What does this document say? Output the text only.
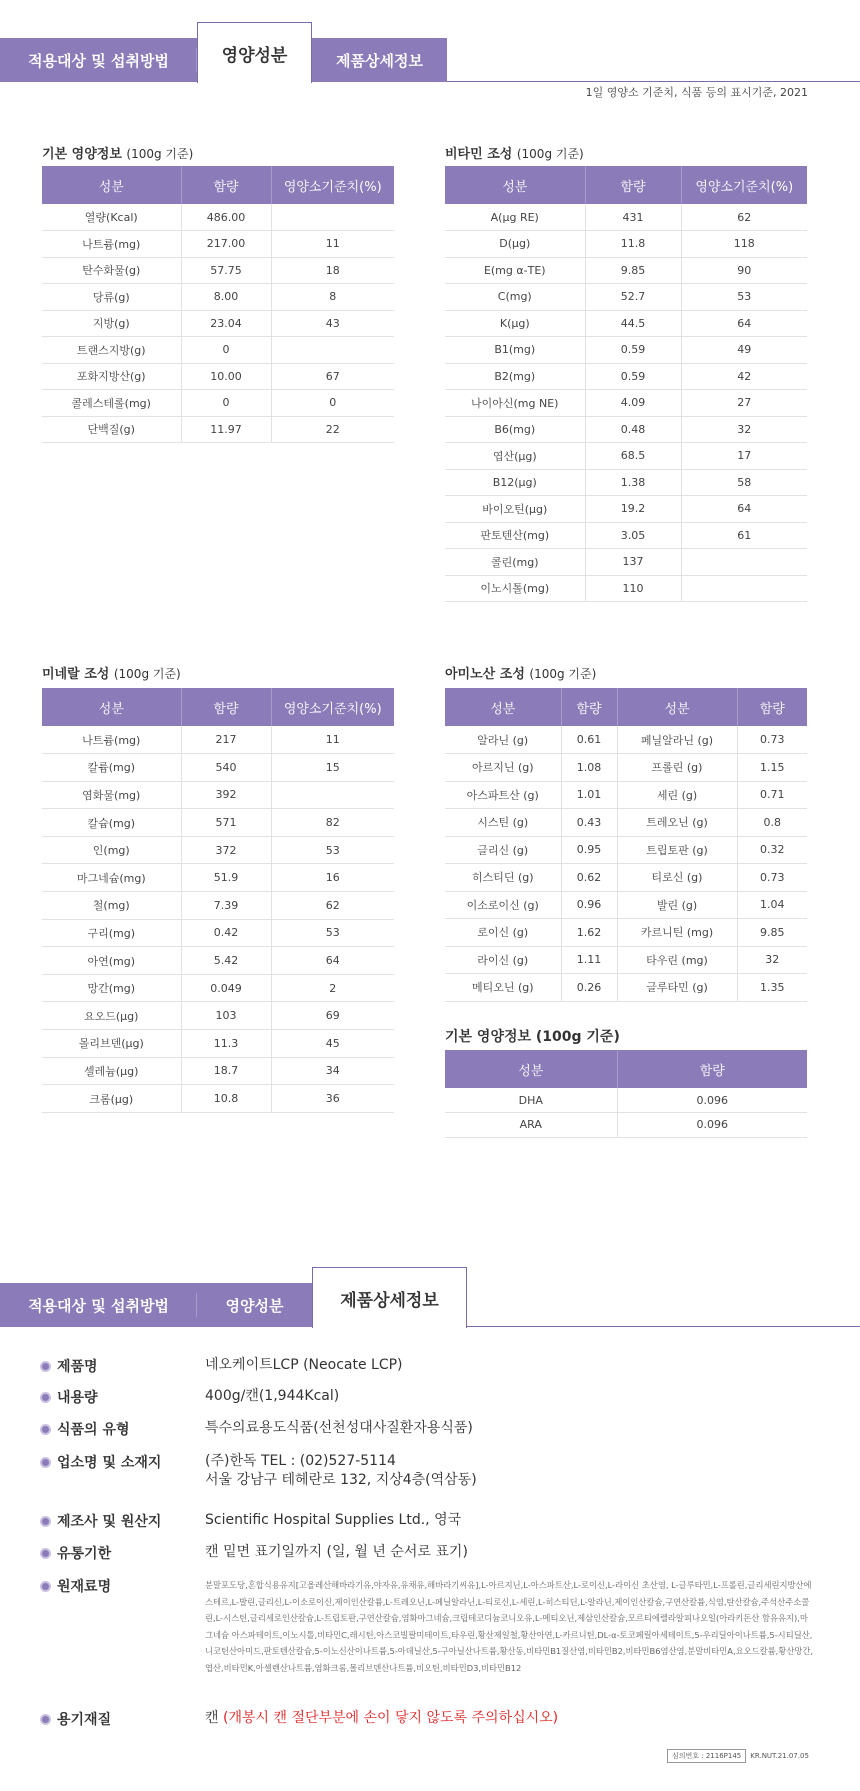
적용대상 및 섭취방법	영양성분	제품상세정보
1일 영양소 기준치, 식품 등의 표시기준, 2021
기본 영양정보 (100g 기준)
성분	함량	영양소기준치(%)
열량(Kcal)	486.00	
나트륨(mg)	217.00	11
탄수화물(g)	57.75	18
당류(g)	8.00	8
지방(g)	23.04	43
트랜스지방(g)	0	
포화지방산(g)	10.00	67
콜레스테롤(mg)	0	0
단백질(g)	11.97	22
비타민 조성 (100g 기준)
성분	함량	영양소기준치(%)
A(μg RE)	431	62
D(μg)	11.8	118
E(mg α-TE)	9.85	90
C(mg)	52.7	53
K(μg)	44.5	64
B1(mg)	0.59	49
B2(mg)	0.59	42
나이아신(mg NE)	4.09	27
B6(mg)	0.48	32
엽산(μg)	68.5	17
B12(μg)	1.38	58
바이오틴(μg)	19.2	64
판토텐산(mg)	3.05	61
콜린(mg)	137	
이노시톨(mg)	110	
미네랄 조성 (100g 기준)
성분	함량	영양소기준치(%)
나트륨(mg)	217	11
칼륨(mg)	540	15
염화물(mg)	392	
칼슘(mg)	571	82
인(mg)	372	53
마그네슘(mg)	51.9	16
철(mg)	7.39	62
구리(mg)	0.42	53
아연(mg)	5.42	64
망간(mg)	0.049	2
요오드(μg)	103	69
몰리브덴(μg)	11.3	45
셀레늄(μg)	18.7	34
크롬(μg)	10.8	36
아미노산 조성 (100g 기준)
성분	함량	성분	함량
알라닌 (g)	0.61	페닐알라닌 (g)	0.73
아르지닌 (g)	1.08	프롤린 (g)	1.15
아스파트산 (g)	1.01	세린 (g)	0.71
시스틴 (g)	0.43	트레오닌 (g)	0.8
글리신 (g)	0.95	트립토판 (g)	0.32
히스티딘 (g)	0.62	티로신 (g)	0.73
이소로이신 (g)	0.96	발린 (g)	1.04
로이신 (g)	1.62	카르니틴 (mg)	9.85
라이신 (g)	1.11	타우린 (mg)	32
메티오닌 (g)	0.26	글루타민 (g)	1.35
기본 영양정보 (100g 기준)
성분	함량
DHA	0.096
ARA	0.096
적용대상 및 섭취방법	영양성분	제품상세정보
제품명	네오케이트LCP (Neocate LCP)
내용량	400g/캔(1,944Kcal)
식품의 유형	특수의료용도식품(선천성대사질환자용식품)
업소명 및 소재지	(주)한독 TEL : (02)527-5114
서울 강남구 테헤란로 132, 지상4층(역삼동)
제조사 및 원산지	Scientific Hospital Supplies Ltd., 영국
유통기한	캔 밑면 표기일까지 (일, 월 년 순서로 표기)
원재료명	분말포도당,혼합식용유지[고올레산해바라기유,야자유,유채유,해바라기씨유],L-아르지닌,L-아스파트산,L-로이신,L-라이신 초산염, L-글루타민,L-프롤린,글리세린지방산에스테르,L-발린,글리신,L-이소로이신,제이인산칼륨,L-트레오닌,L-페닐알라닌,L-티로신,L-세린,L-히스티딘,L-알라닌,제이인산칼슘,구연산칼륨,식염,탄산칼슘,주석산주소콜린,L-시스틴,글리세로인산칼슘,L-트립토판,구연산칼슘,염화마그네슘,크립테코디늄코니오유,L-메티오닌,제삼인산칼슘,모르티에렐라알피나오일(아라키돈산 함유유지),마그네슘 아스파테이트,이노시톨,비타민C,레시틴,아스코빌팔미테이트,타우린,황산제일철,황산아연,L-카르니틴,DL-α-토코페릴아세테이트,5-우리딜아이나트륨,5-시티딜산,니코틴산아미드,판토텐산칼슘,5-이노신산이나트륨,5-아데닐산,5-구아닐산나트륨,황산동,비타민B1질산염,비타민B2,비타민B6염산염,분말비타민A,요오드칼륨,황산망간,엽산,비타민K,아셀렌산나트륨,염화크롬,몰리브덴산나트륨,비오틴,비타민D3,비타민B12
용기재질	캔 (개봉시 캔 절단부분에 손이 닿지 않도록 주의하십시오)
심의번호 : 2116P145	KR.NUT.21.07.05
